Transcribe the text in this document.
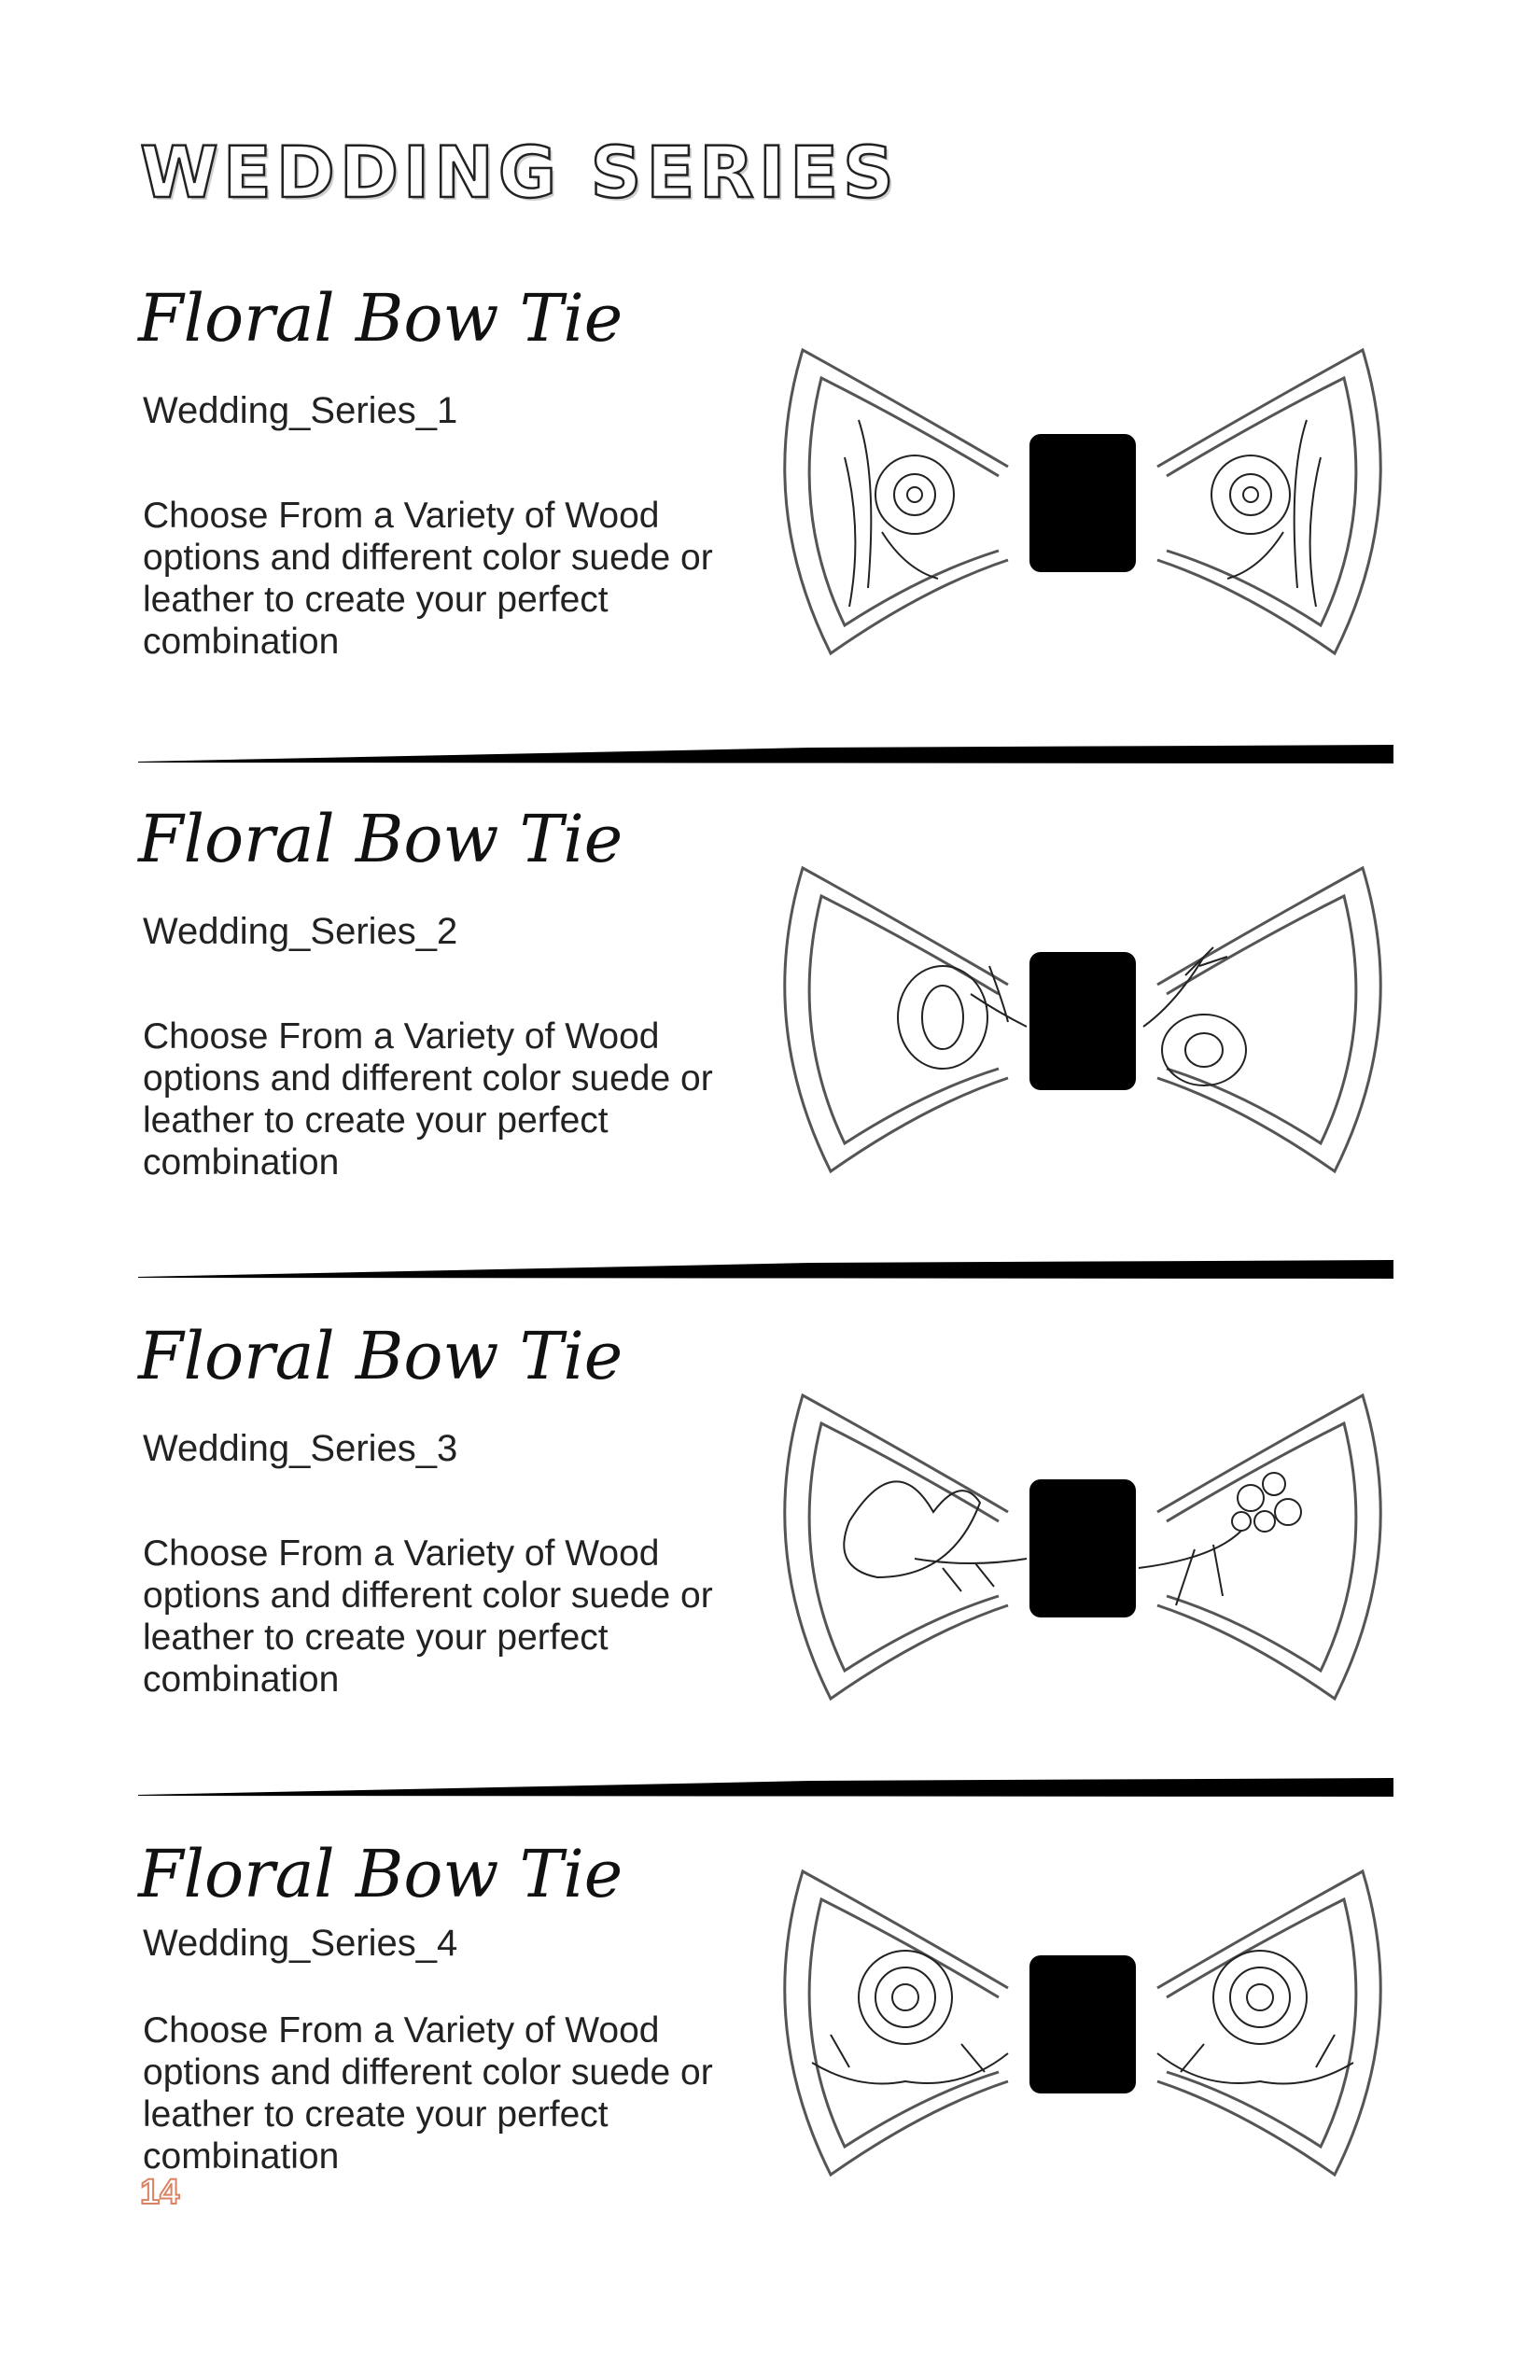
WEDDING SERIES
Floral Bow Tie
Wedding_Series_1
Choose From a Variety of Wood options and different color suede or leather to create your perfect combination
Floral Bow Tie
Wedding_Series_2
Choose From a Variety of Wood options and different color suede or leather to create your perfect combination
Floral Bow Tie
Wedding_Series_3
Choose From a Variety of Wood options and different color suede or leather to create your perfect combination
Floral Bow Tie
Wedding_Series_4
Choose From a Variety of Wood options and different color suede or leather to create your perfect combination
14
